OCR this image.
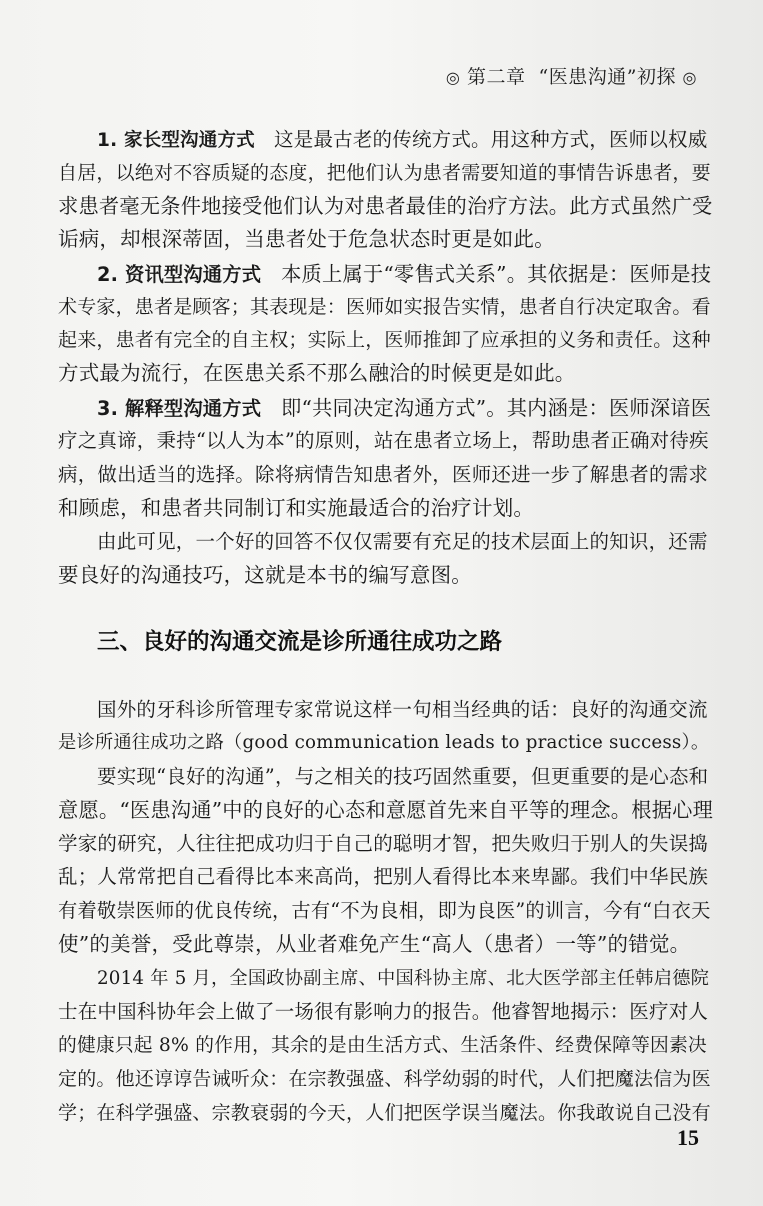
◎ 第二章 “医患沟通”初探 ◎
1. 家长型沟通方式 这是最古老的传统方式。用这种方式，医师以权威
自居，以绝对不容质疑的态度，把他们认为患者需要知道的事情告诉患者，要
求患者毫无条件地接受他们认为对患者最佳的治疗方法。此方式虽然广受
诟病，却根深蒂固，当患者处于危急状态时更是如此。
2. 资讯型沟通方式 本质上属于“零售式关系”。其依据是：医师是技
术专家，患者是顾客；其表现是：医师如实报告实情，患者自行决定取舍。看
起来，患者有完全的自主权；实际上，医师推卸了应承担的义务和责任。这种
方式最为流行，在医患关系不那么融洽的时候更是如此。
3. 解释型沟通方式 即“共同决定沟通方式”。其内涵是：医师深谙医
疗之真谛，秉持“以人为本”的原则，站在患者立场上，帮助患者正确对待疾
病，做出适当的选择。除将病情告知患者外，医师还进一步了解患者的需求
和顾虑，和患者共同制订和实施最适合的治疗计划。
由此可见，一个好的回答不仅仅需要有充足的技术层面上的知识，还需
要良好的沟通技巧，这就是本书的编写意图。
三、良好的沟通交流是诊所通往成功之路
国外的牙科诊所管理专家常说这样一句相当经典的话：良好的沟通交流
是诊所通往成功之路（good communication leads to practice success）。
要实现“良好的沟通”，与之相关的技巧固然重要，但更重要的是心态和
意愿。“医患沟通”中的良好的心态和意愿首先来自平等的理念。根据心理
学家的研究，人往往把成功归于自己的聪明才智，把失败归于别人的失误捣
乱；人常常把自己看得比本来高尚，把别人看得比本来卑鄙。我们中华民族
有着敬崇医师的优良传统，古有“不为良相，即为良医”的训言，今有“白衣天
使”的美誉，受此尊崇，从业者难免产生“高人（患者）一等”的错觉。
2014 年 5 月，全国政协副主席、中国科协主席、北大医学部主任韩启德院
士在中国科协年会上做了一场很有影响力的报告。他睿智地揭示：医疗对人
的健康只起 8% 的作用，其余的是由生活方式、生活条件、经费保障等因素决
定的。他还谆谆告诫听众：在宗教强盛、科学幼弱的时代，人们把魔法信为医
学；在科学强盛、宗教衰弱的今天，人们把医学误当魔法。你我敢说自己没有
15
